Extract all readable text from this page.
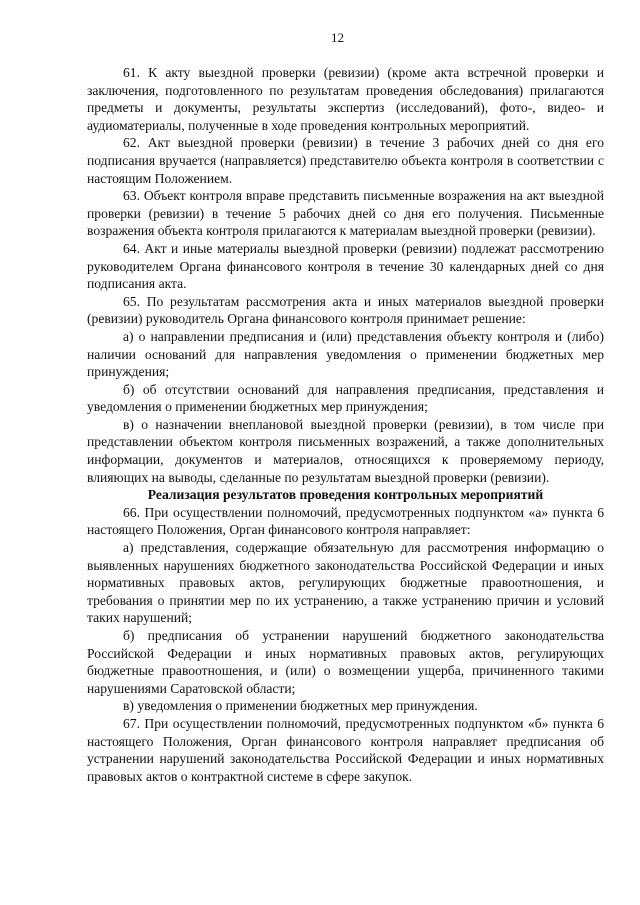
12

61. К акту выездной проверки (ревизии) (кроме акта встречной проверки и заключения, подготовленного по результатам проведения обследования) прилагаются предметы и документы, результаты экспертиз (исследований), фото-, видео- и аудиоматериалы, полученные в ходе проведения контрольных мероприятий.

62. Акт выездной проверки (ревизии) в течение 3 рабочих дней со дня его подписания вручается (направляется) представителю объекта контроля в соответствии с настоящим Положением.

63. Объект контроля вправе представить письменные возражения на акт выездной проверки (ревизии) в течение 5 рабочих дней со дня его получения. Письменные возражения объекта контроля прилагаются к материалам выездной проверки (ревизии).

64. Акт и иные материалы выездной проверки (ревизии) подлежат рассмотрению руководителем Органа финансового контроля в течение 30 календарных дней со дня подписания акта.

65. По результатам рассмотрения акта и иных материалов выездной проверки (ревизии) руководитель Органа финансового контроля принимает решение:

а) о направлении предписания и (или) представления объекту контроля и (либо) наличии оснований для направления уведомления о применении бюджетных мер принуждения;

б) об отсутствии оснований для направления предписания, представления и уведомления о применении бюджетных мер принуждения;

в) о назначении внеплановой выездной проверки (ревизии), в том числе при представлении объектом контроля письменных возражений, а также дополнительных информации, документов и материалов, относящихся к проверяемому периоду, влияющих на выводы, сделанные по результатам выездной проверки (ревизии).

Реализация результатов проведения контрольных мероприятий

66. При осуществлении полномочий, предусмотренных подпунктом «а» пункта 6 настоящего Положения, Орган финансового контроля направляет:

а) представления, содержащие обязательную для рассмотрения информацию о выявленных нарушениях бюджетного законодательства Российской Федерации и иных нормативных правовых актов, регулирующих бюджетные правоотношения, и требования о принятии мер по их устранению, а также устранению причин и условий таких нарушений;

б) предписания об устранении нарушений бюджетного законодательства Российской Федерации и иных нормативных правовых актов, регулирующих бюджетные правоотношения, и (или) о возмещении ущерба, причиненного такими нарушениями Саратовской области;

в) уведомления о применении бюджетных мер принуждения.

67. При осуществлении полномочий, предусмотренных подпунктом «б» пункта 6 настоящего Положения, Орган финансового контроля направляет предписания об устранении нарушений законодательства Российской Федерации и иных нормативных правовых актов о контрактной системе в сфере закупок.
